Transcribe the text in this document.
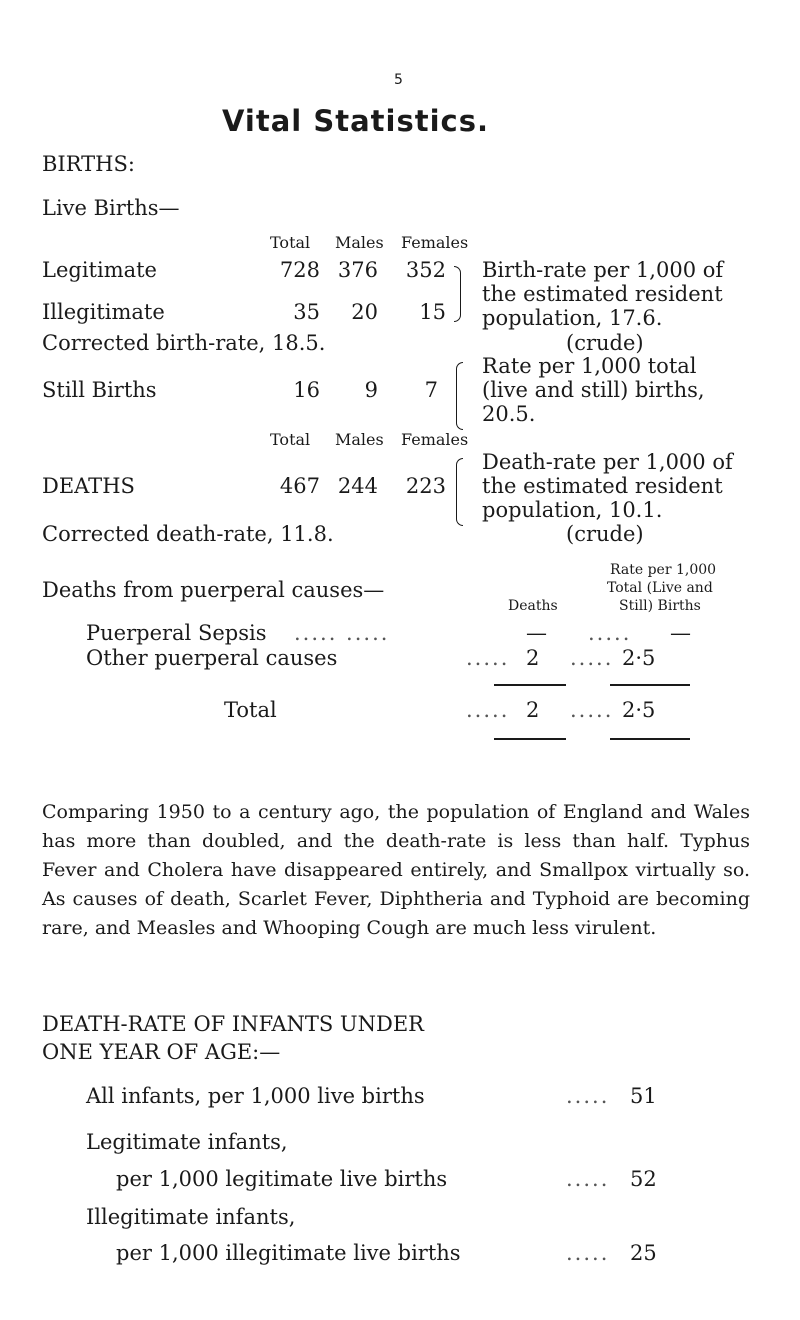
5
Vital Statistics.
BIRTHS:
Live Births—
Total Males Females
Legitimate	728 376	352
Illegitimate	35	20	15
Birth-rate per 1,000 of
the estimated resident
population, 17.6.
(crude)
Corrected birth-rate, 18.5.
Still Births	16	9	7
Rate per 1,000 total
(live and still) births,
20.5.
Total Males Females
DEATHS	467 244	223
Death-rate per 1,000 of
the estimated resident
population, 10.1.
(crude)
Corrected death-rate, 11.8.
Rate per 1,000
Total (Live and
Still) Births
Deaths
Deaths from puerperal causes—
Puerperal Sepsis ..... .....	— ..... —
Other puerperal causes	..... 2 ..... 2·5
Total	..... 2 ..... 2·5
Comparing 1950 to a century ago, the population of England and Wales has more than doubled, and the death-rate is less than half. Typhus Fever and Cholera have disappeared entirely, and Smallpox virtually so. As causes of death, Scarlet Fever, Diphtheria and Typhoid are becoming rare, and Measles and Whooping Cough are much less virulent.
DEATH-RATE OF INFANTS UNDER
ONE YEAR OF AGE:—
All infants, per 1,000 live births	..... 51
Legitimate infants,
per 1,000 legitimate live births	..... 52
Illegitimate infants,
per 1,000 illegitimate live births	..... 25
